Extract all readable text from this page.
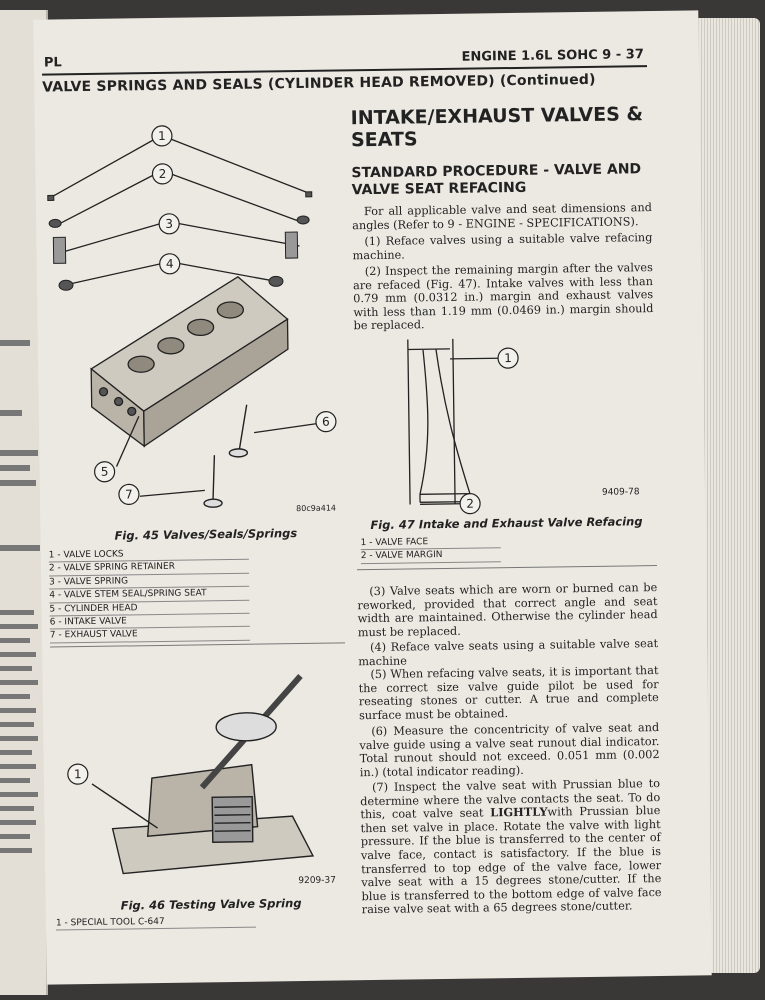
PL	ENGINE 1.6L SOHC 9 - 37
VALVE SPRINGS AND SEALS (CYLINDER HEAD REMOVED) (Continued)
1
2
3
4
5
6
7
80c9a414
Fig. 45 Valves/Seals/Springs
1 - VALVE LOCKS
2 - VALVE SPRING RETAINER
3 - VALVE SPRING
4 - VALVE STEM SEAL/SPRING SEAT
5 - CYLINDER HEAD
6 - INTAKE VALVE
7 - EXHAUST VALVE
1
9209-37
Fig. 46 Testing Valve Spring
1 - SPECIAL TOOL C-647
INTAKE/EXHAUST VALVES & SEATS
STANDARD PROCEDURE - VALVE AND VALVE SEAT REFACING
For all applicable valve and seat dimensions and angles (Refer to 9 - ENGINE - SPECIFICATIONS).
(1) Reface valves using a suitable valve refacing machine.
(2) Inspect the remaining margin after the valves are refaced (Fig. 47). Intake valves with less than 0.79 mm (0.0312 in.) margin and exhaust valves with less than 1.19 mm (0.0469 in.) margin should be replaced.
1
2
9409-78
Fig. 47 Intake and Exhaust Valve Refacing
1 - VALVE FACE
2 - VALVE MARGIN
(3) Valve seats which are worn or burned can be reworked, provided that correct angle and seat width are maintained. Otherwise the cylinder head must be replaced.
(4) Reface valve seats using a suitable valve seat machine
(5) When refacing valve seats, it is important that the correct size valve guide pilot be used for reseating stones or cutter. A true and complete surface must be obtained.
(6) Measure the concentricity of valve seat and valve guide using a valve seat runout dial indicator. Total runout should not exceed. 0.051 mm (0.002 in.) (total indicator reading).
(7) Inspect the valve seat with Prussian blue to determine where the valve contacts the seat. To do this, coat valve seat LIGHTLYwith Prussian blue then set valve in place. Rotate the valve with light pressure. If the blue is transferred to the center of valve face, contact is satisfactory. If the blue is transferred to top edge of the valve face, lower valve seat with a 15 degrees stone/cutter. If the blue is transferred to the bottom edge of valve face raise valve seat with a 65 degrees stone/cutter.
